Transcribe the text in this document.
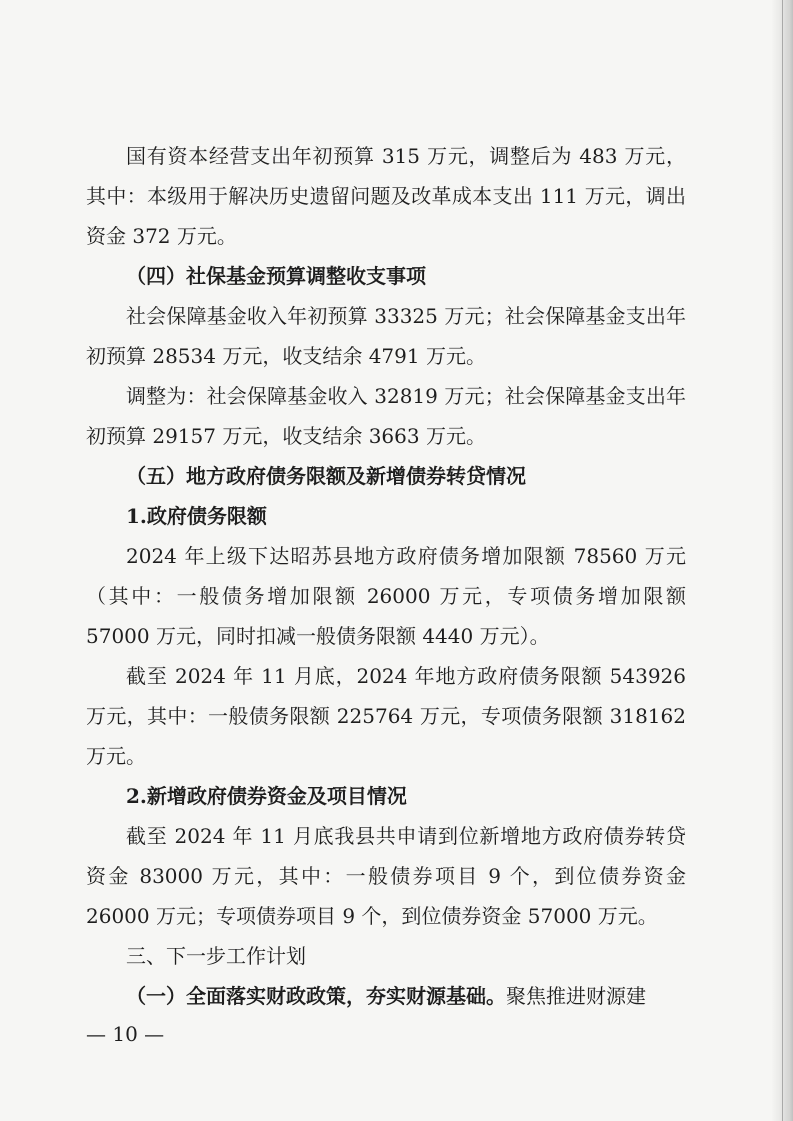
国有资本经营支出年初预算 315 万元，调整后为 483 万元，其中：本级用于解决历史遗留问题及改革成本支出 111 万元，调出资金 372 万元。

（四）社保基金预算调整收支事项

社会保障基金收入年初预算 33325 万元；社会保障基金支出年初预算 28534 万元，收支结余 4791 万元。

调整为：社会保障基金收入 32819 万元；社会保障基金支出年初预算 29157 万元，收支结余 3663 万元。

（五）地方政府债务限额及新增债券转贷情况

1.政府债务限额

2024 年上级下达昭苏县地方政府债务增加限额 78560 万元（其中：一般债务增加限额 26000 万元，专项债务增加限额 57000 万元，同时扣减一般债务限额 4440 万元）。

截至 2024 年 11 月底，2024 年地方政府债务限额 543926 万元，其中：一般债务限额 225764 万元，专项债务限额 318162 万元。

2.新增政府债券资金及项目情况

截至 2024 年 11 月底我县共申请到位新增地方政府债券转贷资金 83000 万元，其中：一般债券项目 9 个，到位债券资金 26000 万元；专项债券项目 9 个，到位债券资金 57000 万元。

三、下一步工作计划

（一）全面落实财政政策，夯实财源基础。聚焦推进财源建

— 10 —
